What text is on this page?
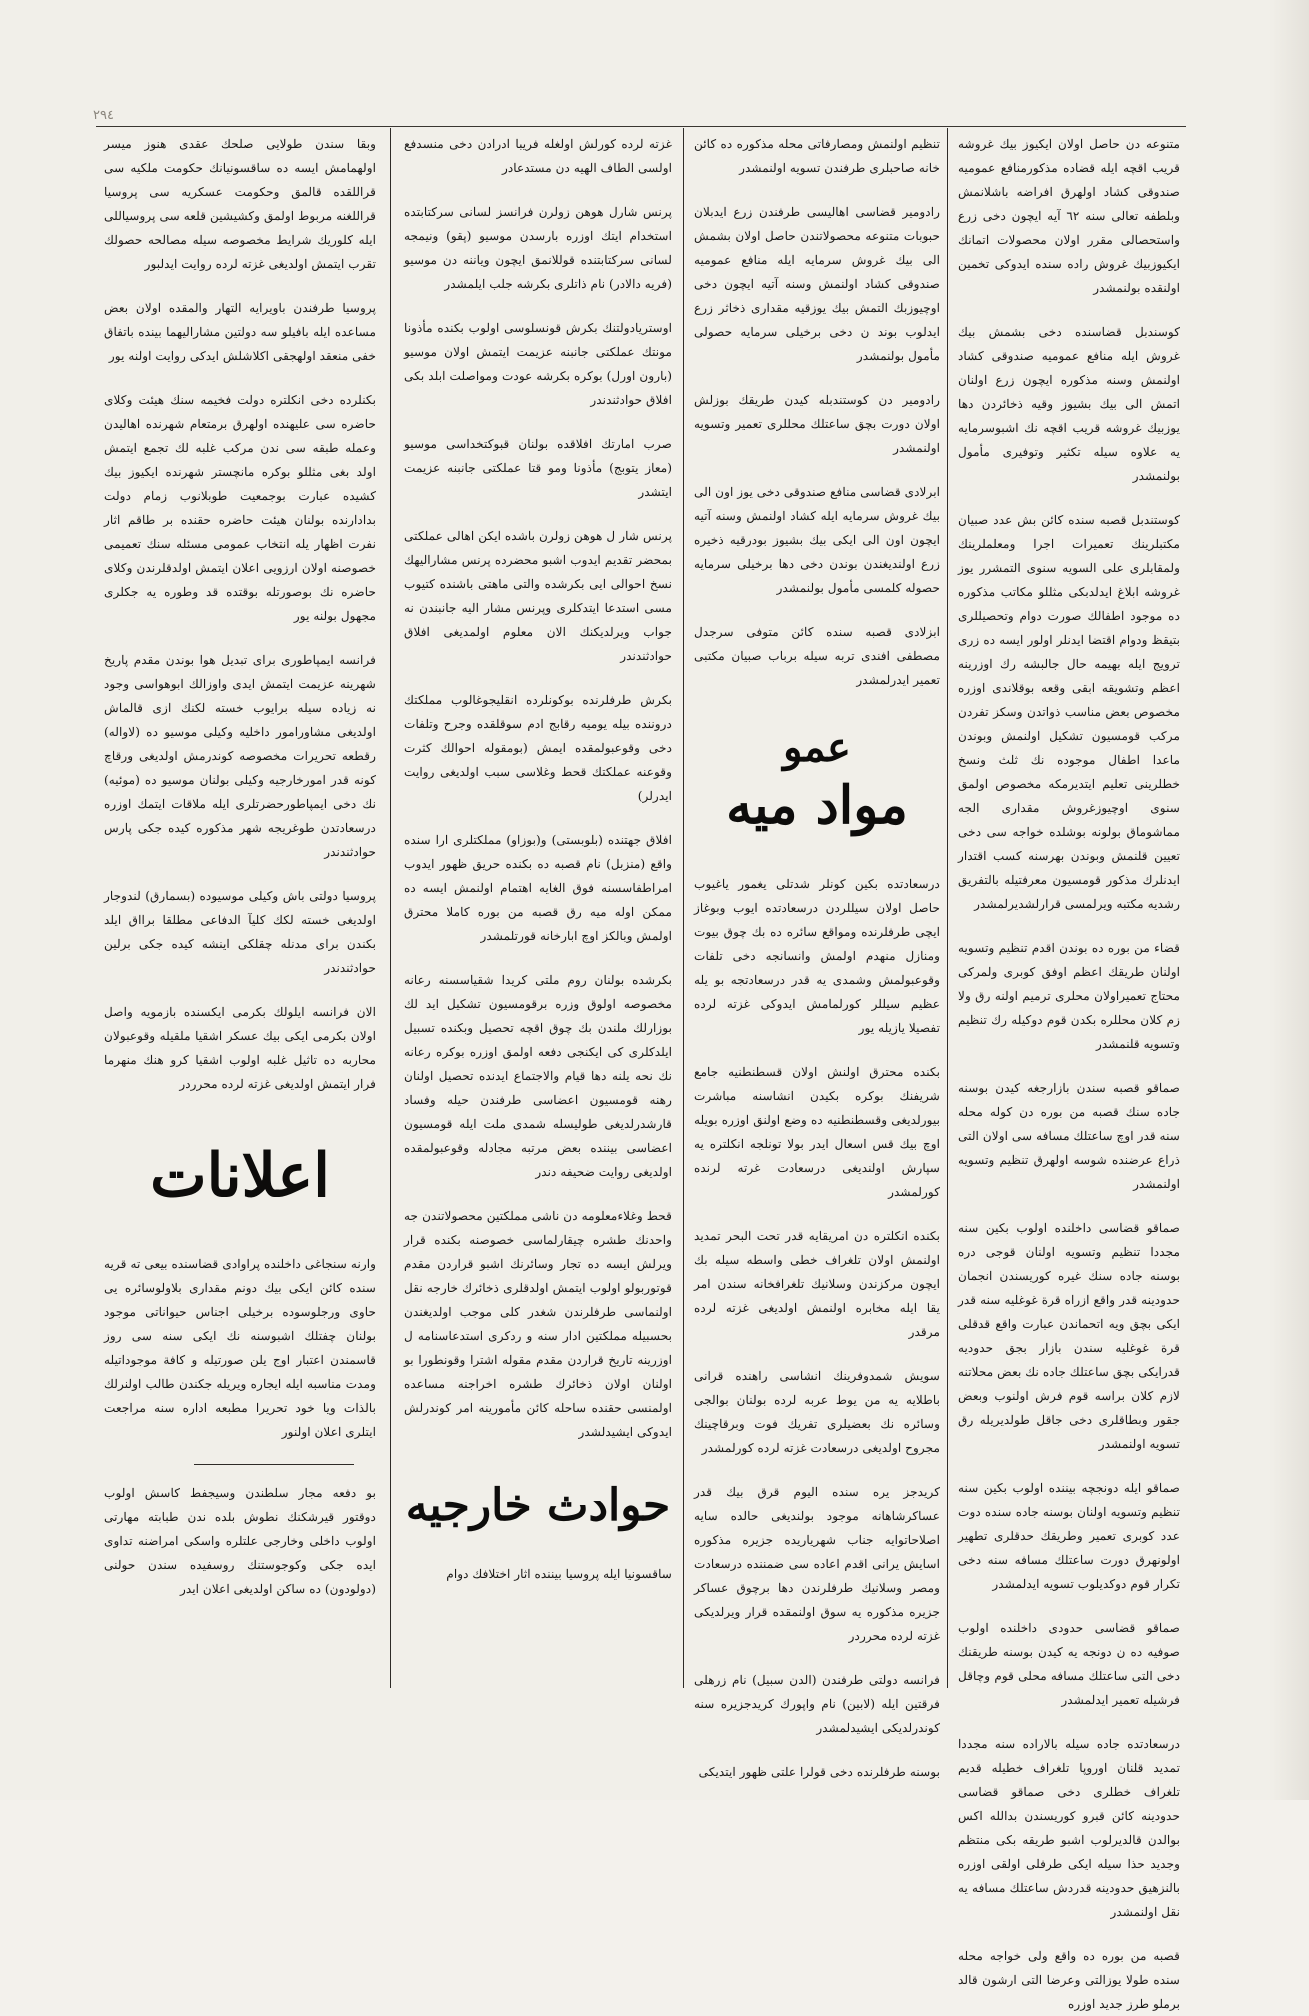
٢٩٤

متنوعه دن حاصل اولان ايكيوز بيك غروشه قريب اقچه ايله قضاده مذكورمنافع عموميه صندوقى كشاد اولهرق افراضه باشلانمش وبلطفه تعالى سنه ٦٢ آيه ايچون دخى زرع واستحصالى مقرر اولان محصولات اتمانك ايكيوزبيك غروش راده سنده ايدوكى تخمين اولنقده بولنمشدر

كوسندبل قضاسنده دخى بشمش بيك غروش ايله منافع عموميه صندوقى كشاد اولنمش وسنه مذكوره ايچون زرع اولنان اتمش الى بيك بشيوز وقيه ذخائردن دها يوزبيك غروشه قريب اقچه نك اشبوسرمايه يه علاوه سيله تكثير وتوفيرى مأمول بولنمشدر

كوستندبل قصبه سنده كائن بش عدد صبيان مكتبلرينك تعميرات اجرا ومعلملرينك ولمقابلرى على السويه سنوى التمشرر يوز غروشه ابلاغ ايدلدبكى مثللو مكاتب مذكوره ده موجود اطفالك صورت دوام وتحصيللرى بتيقظ ودوام اقتضا ايدنلر اولور ايسه ده زرى ترويج ايله بهيمه حال جالبشه رك اوزرينه اعظم وتشويقه ابقى وقعه بوقلاندى اوزره مخصوص بعض مناسب ذواتدن وسكز تفردن مركب قومسيون تشكيل اولنمش وبوندن ماعدا اطفال موجوده نك ثلث ونسخ خطلرينى تعليم ايتديرمكه مخصوص اولمق سنوى اوچيوزغروش مقدارى الجه مماشوماق بولونه بوشلده خواجه سى دخى تعيين قلنمش وبوندن بهرسنه كسب اقتدار ايدنلرك مذكور قومسيون معرفتيله بالتفريق رشديه مكتبه ويرلمسى قرارلشديرلمشدر

قضاء من بوره ده بوندن اقدم تنظيم وتسويه اولنان طريقك اعظم اوفق كوبرى ولمركى محتاج تعميراولان محلرى ترميم اولنه رق ولا زم كلان محللره بكدن قوم دوكيله رك تنظيم وتسويه قلنمشدر

صماقو قصبه سندن بازارجغه كيدن بوسنه جاده سنك قصبه من بوره دن كوله محله سنه قدر اوچ ساعتلك مسافه سى اولان التى ذراع عرضنده شوسه اولهرق تنظيم وتسويه اولنمشدر

صماقو قضاسى داخلنده اولوب بكين سنه مجددا تنظيم وتسويه اولنان قوجى دره بوسنه جاده سنك غيره كوريسندن انجمان حدودينه قدر واقع ازراه قرة غوغليه سنه قدر ايكى بچق ويه اتحماندن عبارت واقع قدقلى قرة غوغليه سندن بازار بجق حدوديه قدرايكى بچق ساعتلك جاده نك بعض محلاتنه لازم كلان براسه قوم فرش اولنوب وبعض جقور وبطاقلرى دخى جاقل طولديريله رق تسويه اولنمشدر

صماقو ايله دونجچه بيننده اولوب بكين سنه تنظيم وتسويه اولنان بوسنه جاده سنده دوت عدد كوبرى تعمير وطريقك حدقلرى تطهير اولونهرق دورت ساعتلك مسافه سنه دخى تكرار قوم دوكديلوب تسويه ايدلمشدر

صماقو قضاسى حدودى داخلنده اولوب صوفيه ده ن دونجه يه كيدن بوسنه طريقنك دخى التى ساعتلك مسافه محلى قوم وچاقل فرشيله تعمير ايدلمشدر

درسعادتده جاده سيله بالاراده سنه مجددا تمديد قلنان اوروپا تلغراف خطيله قديم تلغراف خطلرى دخى صماقو قضاسى حدودينه كائن قبرو كوريسندن بدالله اكس بوالدن قالديرلوب اشبو طريقه بكى منتظم وجديد حذا سيله ايكى طرفلى اولقى اوزره بالنزهيق حدودينه قدردش ساعتلك مسافه يه نقل اولنمشدر

قصبه من بوره ده واقع ولى خواجه محله سنده طولا يوزالتى وعرضا التى ارشون قالد برملو طرز جديد اوزره

تنظيم اولنمش ومصارفاتى محله مذكوره ده كائن خانه صاحبلرى طرفندن تسويه اولنمشدر

رادومير قضاسى اهاليسى طرفندن زرع ايدبلان حبوبات متنوعه محصولاتندن حاصل اولان بشمش الى بيك غروش سرمايه ايله منافع عموميه صندوقى كشاد اولنمش وسنه آتيه ايچون دخى اوچيوزبك التمش بيك يوزقيه مقدارى ذخاثر زرع ايدلوب بوند ن دخى برخيلى سرمايه حصولى مأمول بولنمشدر

رادومير دن كوستندبله كيدن طريقك بوزلش اولان دورت بچق ساعتلك محللرى تعمير وتسويه اولنمشدر

ابرلادى قضاسى منافع صندوقى دخى يوز اون الى بيك غروش سرمايه ايله كشاد اولنمش وسنه آتيه ايچون اون الى ايكى بيك بشيوز بودرقيه ذخيره زرع اولنديغندن بوندن دخى دها برخيلى سرمايه حصوله كلمسى مأمول بولنمشدر

ابزلادى قصبه سنده كائن متوفى سرجدل مصطفى افندى تربه سيله برباب صبيان مكتبى تعمير ايدرلمشدر

عمو
مواد میه

درسعادتده بكين كونلر شدتلى يغمور ياغيوب حاصل اولان سيللردن درسعادتده ايوب وبوغاز ايچى طرفلرنده ومواقع سائره ده بك چوق بيوت ومنازل منهدم اولمش وانسانجه دخى تلفات وقوعبولمش وشمدى يه قدر درسعادتجه بو يله عظيم سيللر كورلمامش ايدوكى غزته لرده تفصيلا يازيله يور

بكنده محترق اولنش اولان قسطنطنيه جامع شريفنك بوكره بكيدن انشاسنه مباشرت بيورلديغى وقسطنطنيه ده وضع اولنق اوزره بويله اوچ بيك قس اسعال ايدر بولا تونلجه انكلتره يه سپارش اولنديغى درسعادت غرته لرنده كورلمشدر

بكنده انكلتره دن امريقايه قدر تحت البحر تمديد اولنمش اولان تلغراف خطى واسطه سيله بك ايچون مركزندن وسلانيك تلغرافخانه سندن امر يقا ايله مخابره اولنمش اولديغى غزته لرده مرقدر

سويش شمدوفرينك انشاسى راهنده قرانى باطلايه يه من يوط عربه لرده بولنان بوالجى وسائره نك بعضيلرى تفريك فوت وبرقاچينك مجروح اولديغى درسعادت غزته لرده كورلمشدر

كريدجز يره سنده اليوم قرق بيك قدر عساكرشاهانه موجود بولنديغى حالده سايه اصلاحاتوايه جناب شهرياريده جزيره مذكوره اسايش يرانى اقدم اعاده سى ضمننده درسعادت ومصر وسلانيك طرفلرندن دها برچوق عساكر جزيره مذكوره يه سوق اولنمقده قرار ويرلديكى غزته لرده محرردر

فرانسه دولتى طرفندن (الدن سبيل) نام زرهلى فرقتين ايله (لابين) نام واپورك كريدجزيره سنه كوندرلديكى ايشيدلمشدر

بوسنه طرفلرنده دخى قولرا علتى ظهور ايتديكى

غزته لرده كورلش اولغله فريبا ادرادن دخى منسدفع اولسى الطاف الهيه دن مستدعادر

پرنس شارل هوهن زولرن فرانسز لسانى سرکتابتده استخدام ايتك اوزره بارسدن موسيو (پقو) ونيمجه لسانى سركتابتنده قوللانمق ايچون وياننه دن موسيو (فريه دالادر) نام ذاتلرى بكرشه جلب ايلمشدر

اوستريادولتنك بكرش قونسلوسى اولوب بكنده مأذونا مونتك عملكتى جانبنه عزيمت ايتمش اولان موسيو (بارون اورل) بوكره بكرشه عودت ومواصلت ابلد بكى افلاق حوادثندندر

صرب امارتك افلاقده بولنان قبوكتخداسى موسيو (معاز يتوبج) مأذونا ومو قتا عملكتى جانبنه عزيمت ايتشدر

پرنس شار ل هوهن زولرن باشده ايكن اهالى عملكتى بمحضر تقديم ايدوب اشبو محضرده پرنس مشاراليهك نسخ احوالى ايى بكرشده والتى ماهتى باشنده كتيوب مسى استدعا ايتدكلرى وپرنس مشار اليه جانبندن نه جواب ويرلديكنك الان معلوم اولمديغى افلاق حوادثندندر

بكرش طرفلرنده بوكونلرده انقليجوغالوب مملكتك دروننده بيله يوميه رقابج ادم سوقلقده وجرح وتلفات دخى وقوعبولمقده ايمش (بومقوله احوالك كثرت وقوعنه عملكتك قحط وغلاسى سبب اولديغى روايت ايدرلر)

افلاق جهتنده (بلوبستى) و(بوزاو) مملكتلرى ارا سنده واقع (منزبل) نام قصبه ده بكنده حريق ظهور ايدوب امراطفاسسنه فوق الغايه اهتمام اولنمش ايسه ده ممكن اوله ميه رق قصبه من بوره كاملا محترق اولمش وبالكز اوچ ابارخانه قورتلمشدر

بكرشده بولنان روم ملتى كريدا شقياسسنه رعانه مخصوصه اولوق وزره برقومسيون تشكيل ايد لك بوزارلك ملندن بك چوق اقچه تحصيل وبكنده تسبيل ايلدكلرى كى ايكنجى دفعه اولمق اوزره بوكره رعانه نك نحه يلنه دها قيام والاجتماع ايدنده تحصيل اولنان رهنه قومسيون اعضاسى طرفندن حيله وفساد قارشدرلديغى طوليسله شمدى ملت ايله قومسيون اعضاسى بيننده بعض مرتبه مجادله وقوعبولمقده اولديغى روايت ضحيفه دندر

قحط وغلاءمعلومه دن ناشى مملكتين محصولاتندن جه واحدنك طشره چيقارلماسى خصوصنه بكنده قرار ويرلش ايسه ده تجار وسائرنك اشبو قراردن مقدم قوتوربولو اولوب ايتمش اولدقلرى ذخائرك خارجه نقل اولنماسى طرفلرندن شغدر كلى موجب اولديغندن بحسبيله مملكتين ادار سنه و ردكرى استدعاسنامه ل اوزرينه تاريخ قراردن مقدم مقوله اشترا وقونطورا بو اولنان اولان ذخائرك طشره اخراجنه مساعده اولمنسى حقنده ساحله كائن مأمورينه امر كوندرلش ايدوكى ايشيدلشدر

حوادث خارجیه

ساقسونيا ايله پروسيا بيننده اثار اختلافك دوام

وبقا سندن طولايى صلحك عقدى هنوز ميسر اولهمامش ايسه ده ساقسونيانك حكومت ملكيه سى قراللقده قالمق وحكومت عسكريه سى پروسيا قراللغنه مربوط اولمق وكشيشين قلعه سى پروسياللى ايله كلوريك شرايط مخصوصه سيله مصالحه حصولك تقرب ايتمش اولديغى غزته لرده روايت ايدلبور

پروسيا طرفندن باويرايه التهار والمقده اولان بعض مساعده ايله بافيلو سه دولتين مشاراليهما بينده باتفاق خفى منعقد اولهجقى اكلاشلش ايدكى روايت اولنه يور

بكنلرده دخى انكلتره دولت فخيمه سنك هيئت وكلاى حاضره سى عليهنده اولهرق برمتعام شهرنده اهاليدن وعمله طبقه سى ندن مركب غلبه لك تجمع ايتمش اولد بغى مثللو بوكره مانچستر شهرنده ايكيوز بيك كشيده عبارت بوجمعيت طوبلانوب زمام دولت بدادارنده بولنان هيئت حاضره حقنده بر طاقم اثار نفرت اظهار يله انتخاب عمومى مسئله سنك تعميمى خصوصنه اولان ارزويى اعلان ايتمش اولدقلرندن وكلاى حاضره نك بوصورتله بوقتده قد وطوره يه جكلرى مجهول بولنه يور

فرانسه ايمپاطورى براى تبديل هوا بوندن مقدم پاريخ شهرينه عزيمت ايتمش ايدى واوزالك ابوهواسى وجود نه زياده سيله برايوب خسته لكنك ازى قالماش اولديغى مشاورامور داخليه وكيلى موسيو ده (لاواله) رقطعه تحريرات مخصوصه كوندرمش اولديغى ورقاچ كونه قدر امورخارجيه وكيلى بولنان موسيو ده (موئيه) نك دخى ايمپاطورحضرتلرى ايله ملاقات ايتمك اوزره درسعادتدن طوغريجه شهر مذكوره كيده جكى پارس حوادثندندر

پروسيا دولتى باش وكيلى موسيوده (بسمارق) لندوجار اولديغى خسته لكك كليآ الدفاعى مطلقا برااق ايلد بكندن براى مدنله چقلكى اينشه كيده جكى برلين حوادثندندر

الان فرانسه ايلولك بكرمى ايكسنده بازمويه واصل اولان بكرمى ايكى بيك عسكر اشقيا ملقيله وقوعبولان محاربه ده تاثيل غلبه اولوب اشقيا كرو هنك منهرما فرار ايتمش اولديغى غزته لرده محرردر

اعلانات

وارنه سنجاغى داخلنده پراوادى قضاسنده بيعى ته قريه سنده كائن ايكى بيك دونم مقدارى بلاولوسائره يى حاوى ورجلوسوده برخيلى اجناس حيواناتى موجود بولنان چفتلك اشبوسنه نك ايكى سنه سى روز قاسمندن اعتبار اوج يلن صورتيله و كافة موجوداتيله ومدت مناسبه ايله ايجاره ويريله جكندن طالب اولنرلك بالذات ويا خود تحريرا مطبعه اداره سنه مراجعت ايتلرى اعلان اولنور

بو دفعه مجار سلطندن وسيجفط كاسش اولوب دوقتور قيرشكنك نطوش بلده ندن طبابته مهارتى اولوب داخلى وخارجى علتلره واسكى امراضنه تداوى ايده جكى وكوجوستنك روسفيده سندن حولنى (دولودون) ده ساكن اولديغى اعلان ايدر
